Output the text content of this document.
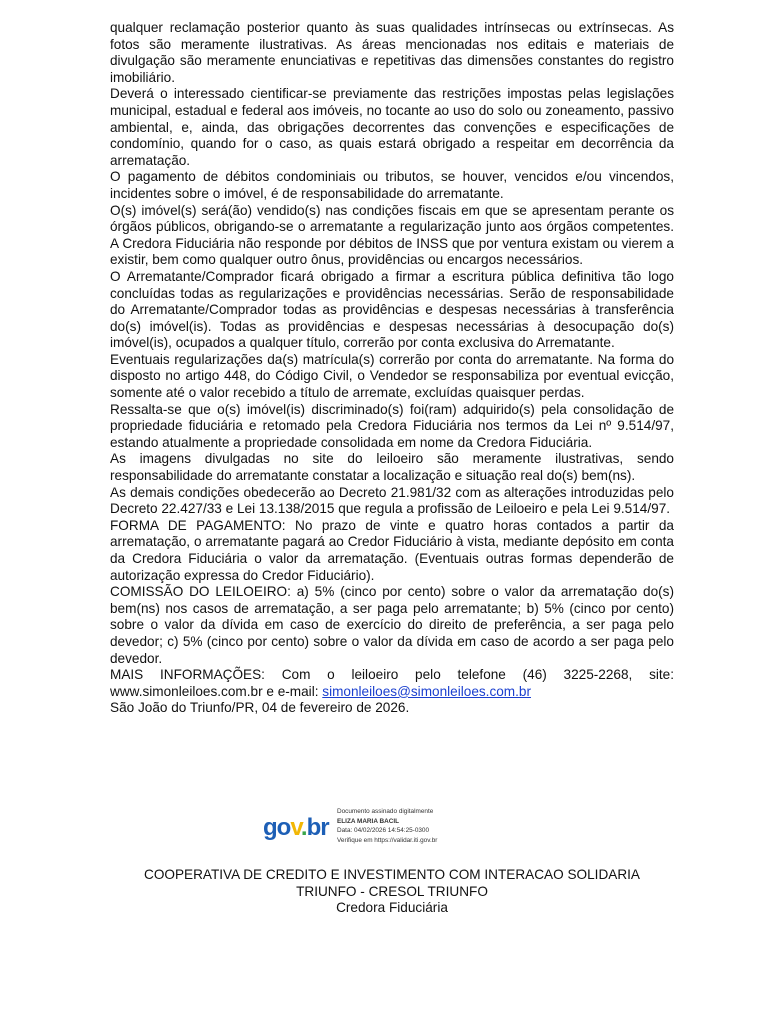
qualquer reclamação posterior quanto às suas qualidades intrínsecas ou extrínsecas. As fotos são meramente ilustrativas. As áreas mencionadas nos editais e materiais de divulgação são meramente enunciativas e repetitivas das dimensões constantes do registro imobiliário.

Deverá o interessado cientificar-se previamente das restrições impostas pelas legislações municipal, estadual e federal aos imóveis, no tocante ao uso do solo ou zoneamento, passivo ambiental, e, ainda, das obrigações decorrentes das convenções e especificações de condomínio, quando for o caso, as quais estará obrigado a respeitar em decorrência da arrematação.

O pagamento de débitos condominiais ou tributos, se houver, vencidos e/ou vincendos, incidentes sobre o imóvel, é de responsabilidade do arrematante.

O(s) imóvel(s) será(ão) vendido(s) nas condições fiscais em que se apresentam perante os órgãos públicos, obrigando-se o arrematante a regularização junto aos órgãos competentes. A Credora Fiduciária não responde por débitos de INSS que por ventura existam ou vierem a existir, bem como qualquer outro ônus, providências ou encargos necessários.

O Arrematante/Comprador ficará obrigado a firmar a escritura pública definitiva tão logo concluídas todas as regularizações e providências necessárias. Serão de responsabilidade do Arrematante/Comprador todas as providências e despesas necessárias à transferência do(s) imóvel(is). Todas as providências e despesas necessárias à desocupação do(s) imóvel(is), ocupados a qualquer título, correrão por conta exclusiva do Arrematante.

Eventuais regularizações da(s) matrícula(s) correrão por conta do arrematante. Na forma do disposto no artigo 448, do Código Civil, o Vendedor se responsabiliza por eventual evicção, somente até o valor recebido a título de arremate, excluídas quaisquer perdas.

Ressalta-se que o(s) imóvel(is) discriminado(s) foi(ram) adquirido(s) pela consolidação de propriedade fiduciária e retomado pela Credora Fiduciária nos termos da Lei nº 9.514/97, estando atualmente a propriedade consolidada em nome da Credora Fiduciária.

As imagens divulgadas no site do leiloeiro são meramente ilustrativas, sendo responsabilidade do arrematante constatar a localização e situação real do(s) bem(ns).

As demais condições obedecerão ao Decreto 21.981/32 com as alterações introduzidas pelo Decreto 22.427/33 e Lei 13.138/2015 que regula a profissão de Leiloeiro e pela Lei 9.514/97.

FORMA DE PAGAMENTO: No prazo de vinte e quatro horas contados a partir da arrematação, o arrematante pagará ao Credor Fiduciário à vista, mediante depósito em conta da Credora Fiduciária o valor da arrematação. (Eventuais outras formas dependerão de autorização expressa do Credor Fiduciário).

COMISSÃO DO LEILOEIRO: a) 5% (cinco por cento) sobre o valor da arrematação do(s) bem(ns) nos casos de arrematação, a ser paga pelo arrematante; b) 5% (cinco por cento) sobre o valor da dívida em caso de exercício do direito de preferência, a ser paga pelo devedor; c) 5% (cinco por cento) sobre o valor da dívida em caso de acordo a ser paga pelo devedor.

MAIS INFORMAÇÕES: Com o leiloeiro pelo telefone (46) 3225-2268, site: www.simonleiloes.com.br e e-mail: simonleiloes@simonleiloes.com.br

São João do Triunfo/PR, 04 de fevereiro de 2026.

gov.br
Documento assinado digitalmente
ELIZA MARIA BACIL
Data: 04/02/2026 14:54:25-0300
Verifique em https://validar.iti.gov.br
COOPERATIVA DE CREDITO E INVESTIMENTO COM INTERACAO SOLIDARIA
TRIUNFO - CRESOL TRIUNFO
Credora Fiduciária
